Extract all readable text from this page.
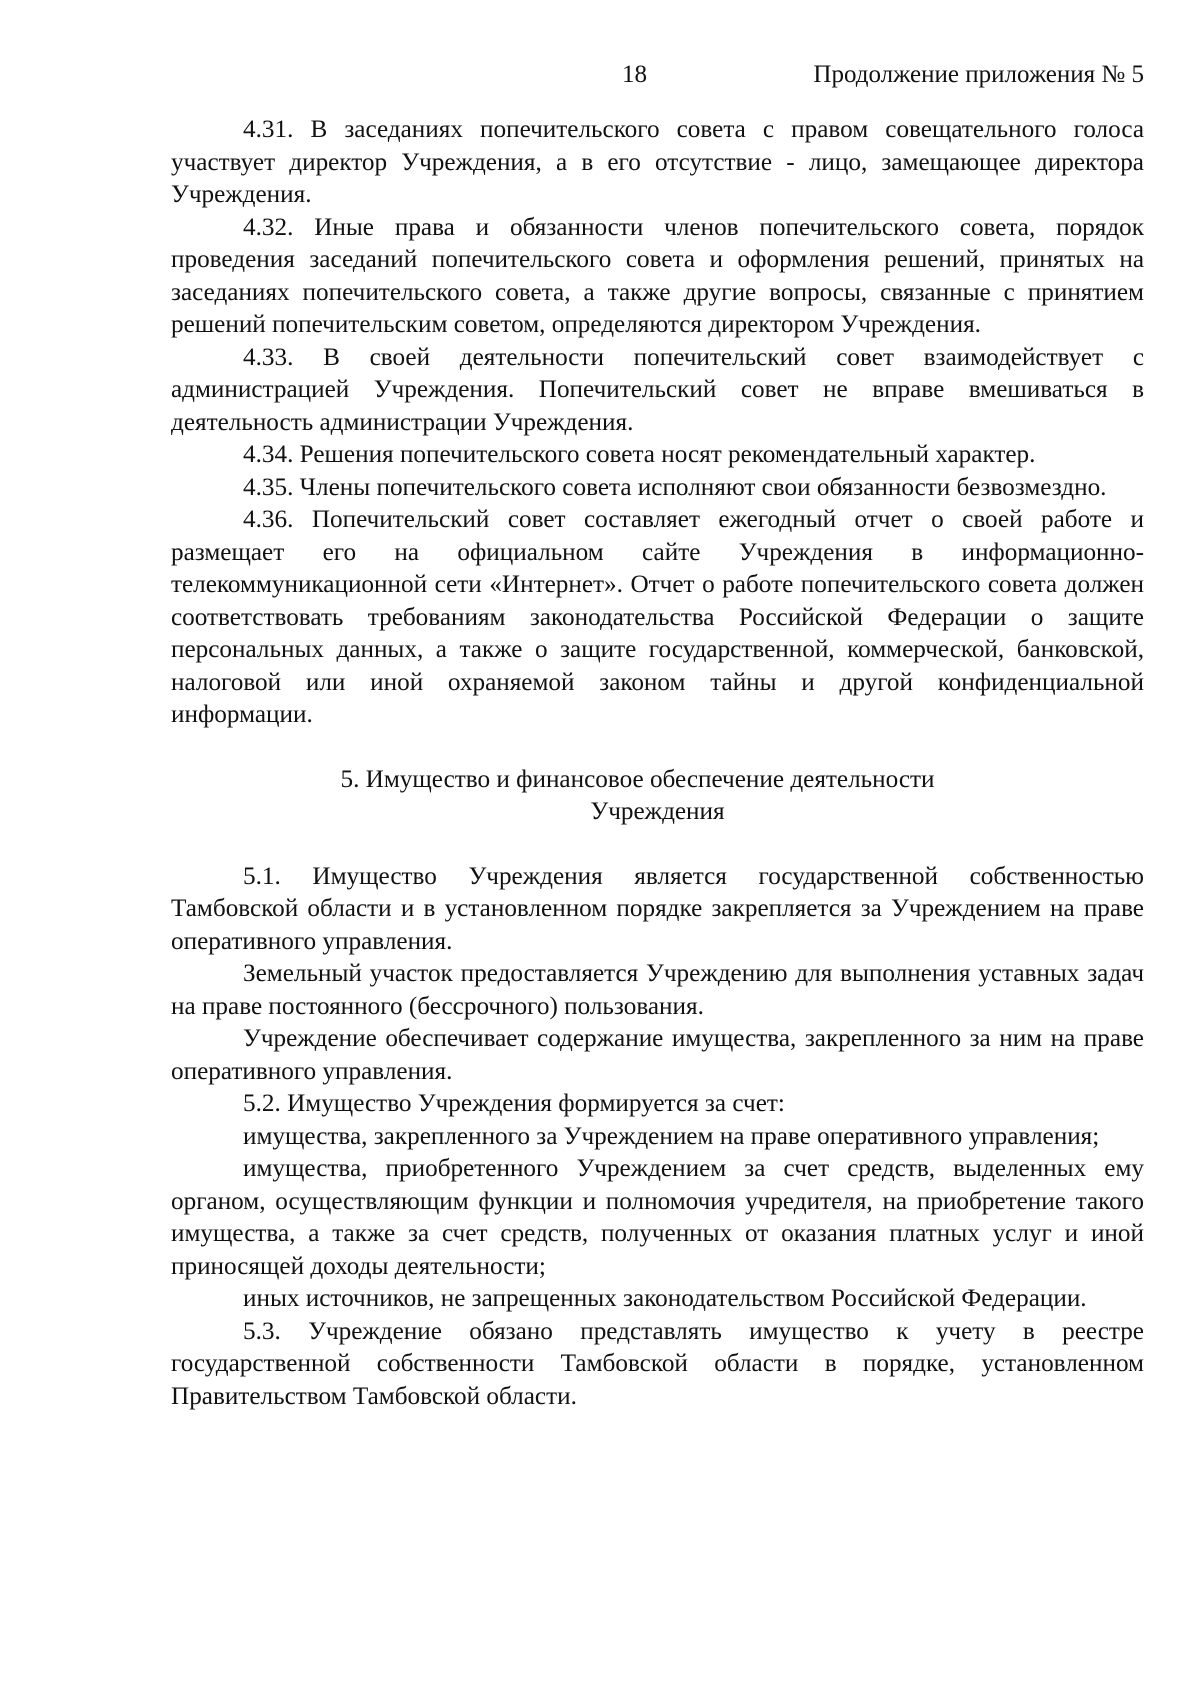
18	Продолжение приложения № 5

4.31. В заседаниях попечительского совета с правом совещательного голоса участвует директор Учреждения, а в его отсутствие - лицо, замещающее директора Учреждения.

4.32. Иные права и обязанности членов попечительского совета, порядок проведения заседаний попечительского совета и оформления решений, принятых на заседаниях попечительского совета, а также другие вопросы, связанные с принятием решений попечительским советом, определяются директором Учреждения.

4.33. В своей деятельности попечительский совет взаимодействует с администрацией Учреждения. Попечительский совет не вправе вмешиваться в деятельность администрации Учреждения.

4.34. Решения попечительского совета носят рекомендательный характер.

4.35. Члены попечительского совета исполняют свои обязанности безвозмездно.

4.36. Попечительский совет составляет ежегодный отчет о своей работе и размещает его на официальном сайте Учреждения в информационно-телекоммуникационной сети «Интернет». Отчет о работе попечительского совета должен соответствовать требованиям законодательства Российской Федерации о защите персональных данных, а также о защите государственной, коммерческой, банковской, налоговой или иной охраняемой законом тайны и другой конфиденциальной информации.

5. Имущество и финансовое обеспечение деятельности
Учреждения

5.1. Имущество Учреждения является государственной собственностью Тамбовской области и в установленном порядке закрепляется за Учреждением на праве оперативного управления.

Земельный участок предоставляется Учреждению для выполнения уставных задач на праве постоянного (бессрочного) пользования.

Учреждение обеспечивает содержание имущества, закрепленного за ним на праве оперативного управления.

5.2. Имущество Учреждения формируется за счет:

имущества, закрепленного за Учреждением на праве оперативного управления;

имущества, приобретенного Учреждением за счет средств, выделенных ему органом, осуществляющим функции и полномочия учредителя, на приобретение такого имущества, а также за счет средств, полученных от оказания платных услуг и иной приносящей доходы деятельности;

иных источников, не запрещенных законодательством Российской Федерации.

5.3. Учреждение обязано представлять имущество к учету в реестре государственной собственности Тамбовской области в порядке, установленном Правительством Тамбовской области.
